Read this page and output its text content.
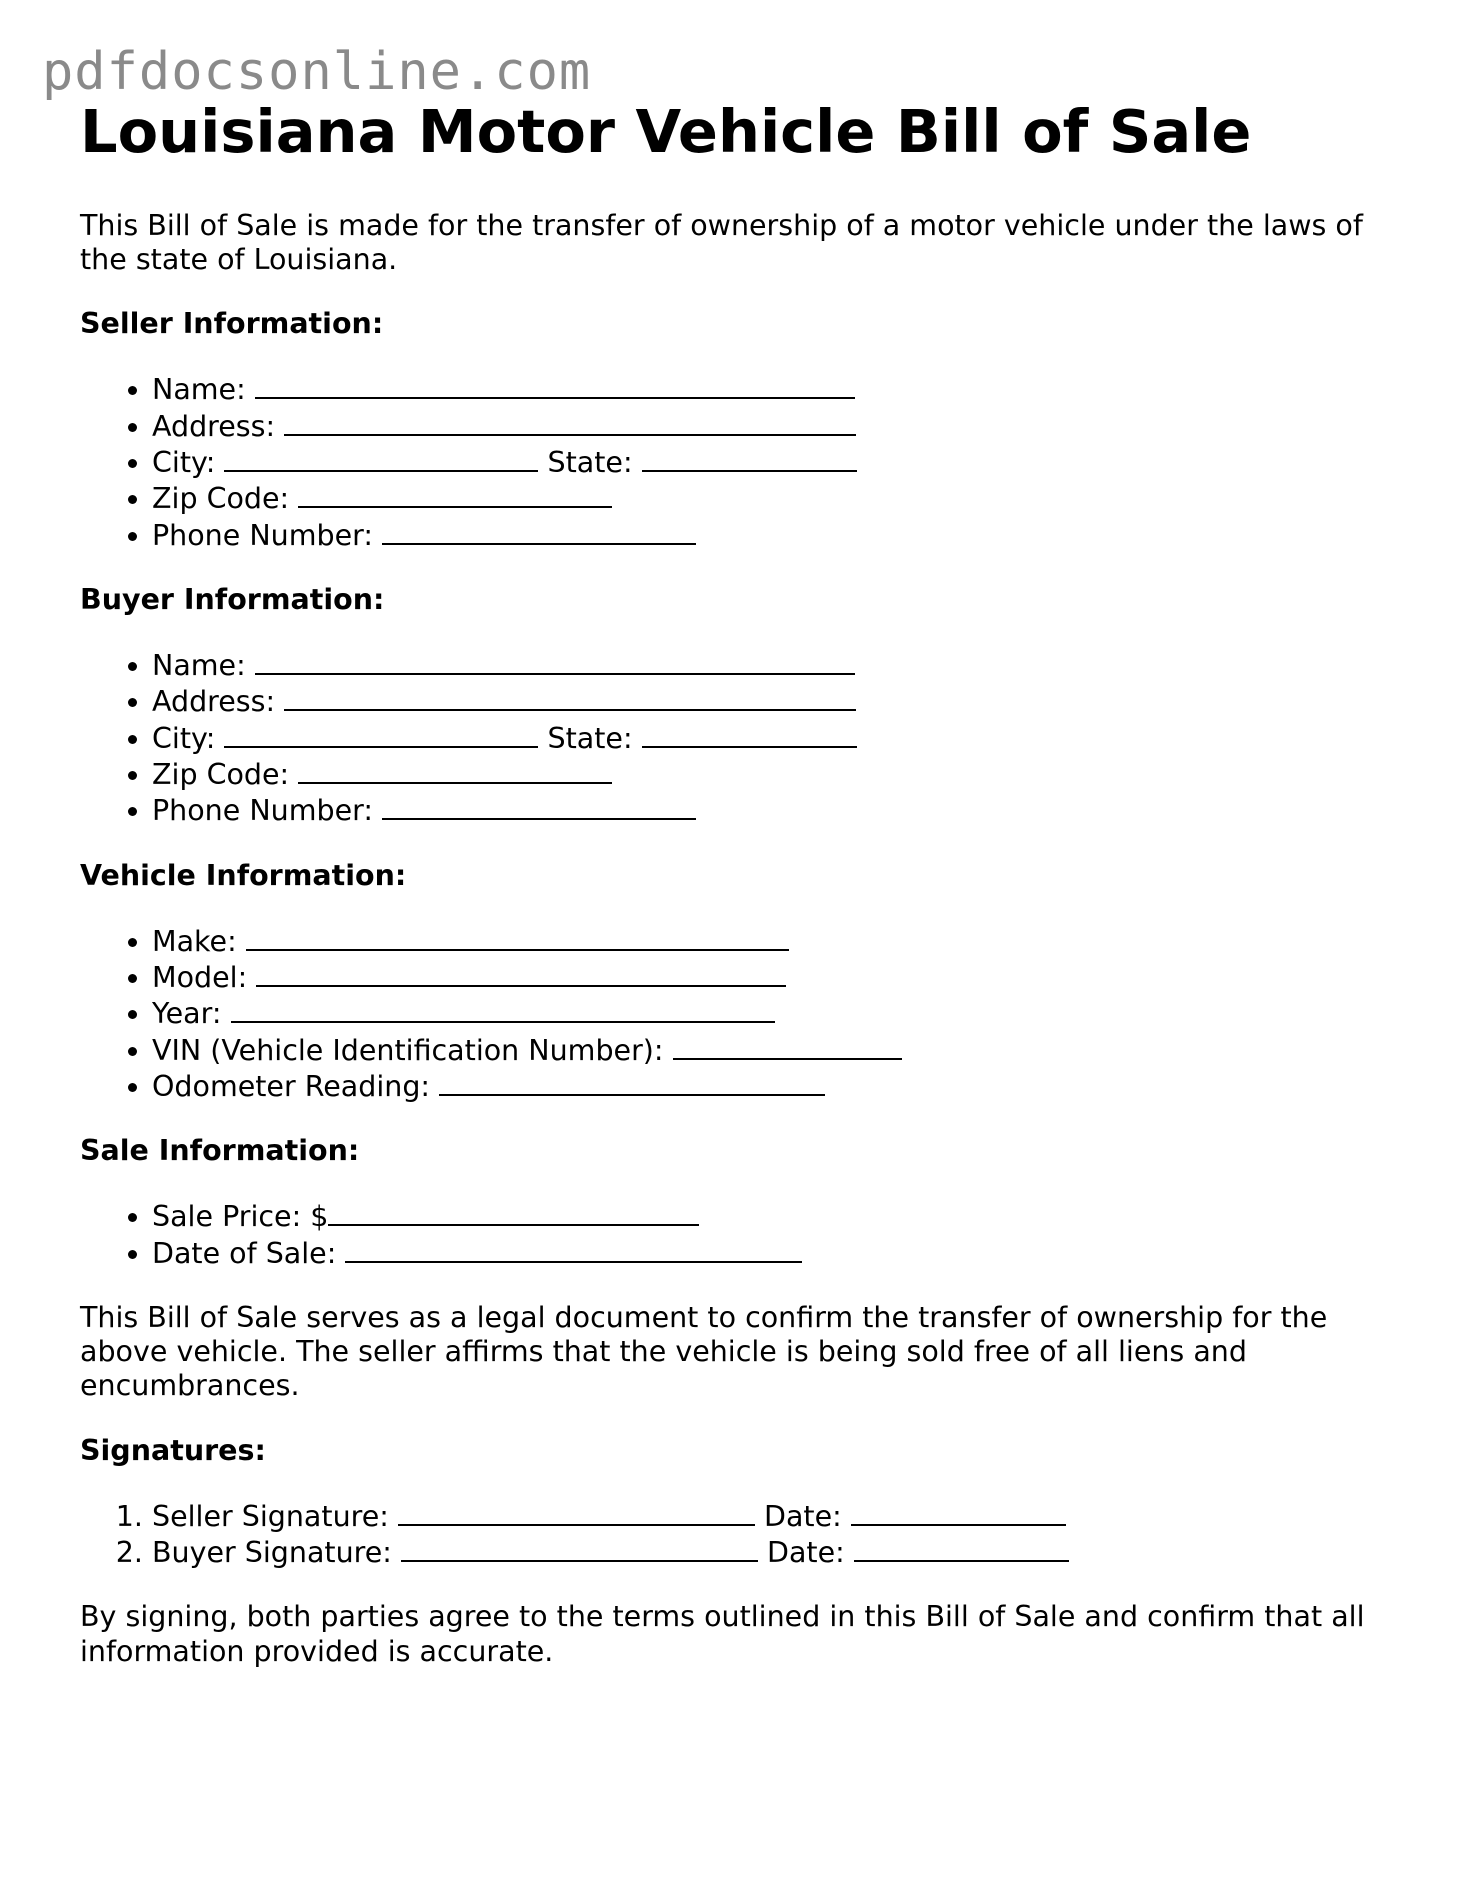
pdfdocsonline.com
Louisiana Motor Vehicle Bill of Sale

This Bill of Sale is made for the transfer of ownership of a motor vehicle under the laws of the state of Louisiana.

Seller Information:
• Name:
• Address:
• City:	State:
• Zip Code:
• Phone Number:
Buyer Information:
• Name:
• Address:
• City:	State:
• Zip Code:
• Phone Number:
Vehicle Information:
• Make:
• Model:
• Year:
• VIN (Vehicle Identification Number):
• Odometer Reading:
Sale Information:
• Sale Price: $
• Date of Sale:

This Bill of Sale serves as a legal document to confirm the transfer of ownership for the above vehicle. The seller affirms that the vehicle is being sold free of all liens and encumbrances.

Signatures:
1. Seller Signature:	Date:
2. Buyer Signature:	Date:

By signing, both parties agree to the terms outlined in this Bill of Sale and confirm that all information provided is accurate.
